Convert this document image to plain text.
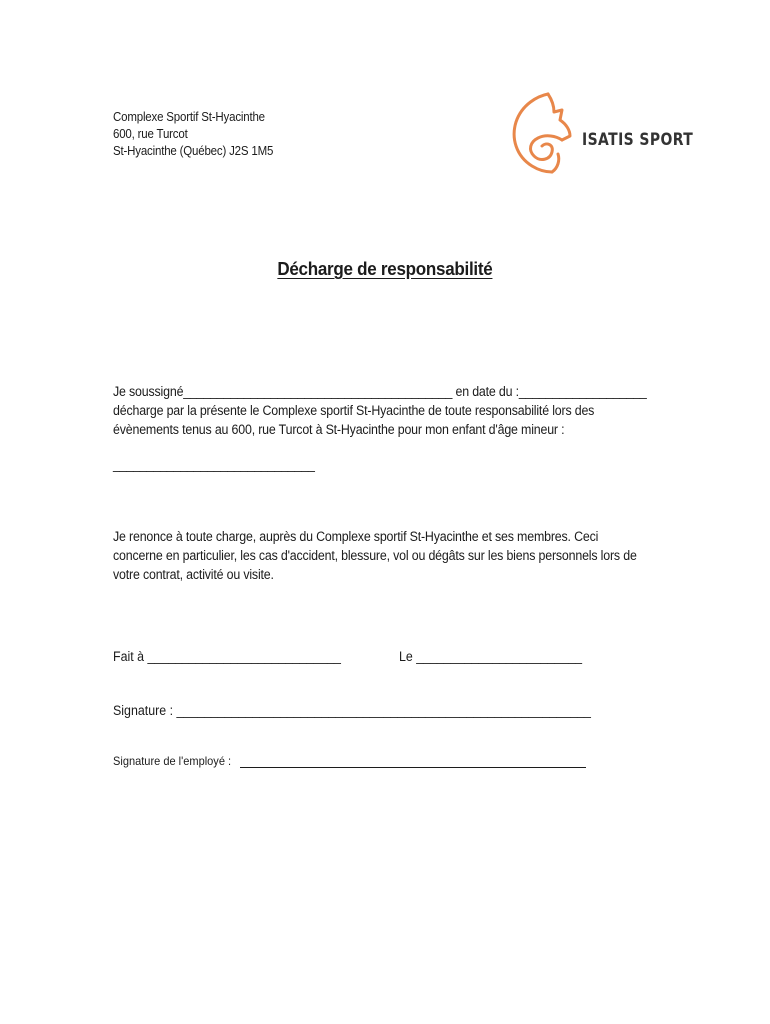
Complexe Sportif St-Hyacinthe
600, rue Turcot
St-Hyacinthe (Québec) J2S 1M5
ISATIS SPORT
Décharge de responsabilité
Je soussigné________________________________________ en date du :___________________
décharge par la présente le Complexe sportif St-Hyacinthe de toute responsabilité lors des
évènements tenus au 600, rue Turcot à St-Hyacinthe pour mon enfant d'âge mineur :
______________________________
Je renonce à toute charge, auprès du Complexe sportif St-Hyacinthe et ses membres. Ceci
concerne en particulier, les cas d'accident, blessure, vol ou dégâts sur les biens personnels lors de
votre contrat, activité ou visite.
Fait à ____________________________	Le ________________________
Signature : ____________________________________________________________
Signature de l'employé :
